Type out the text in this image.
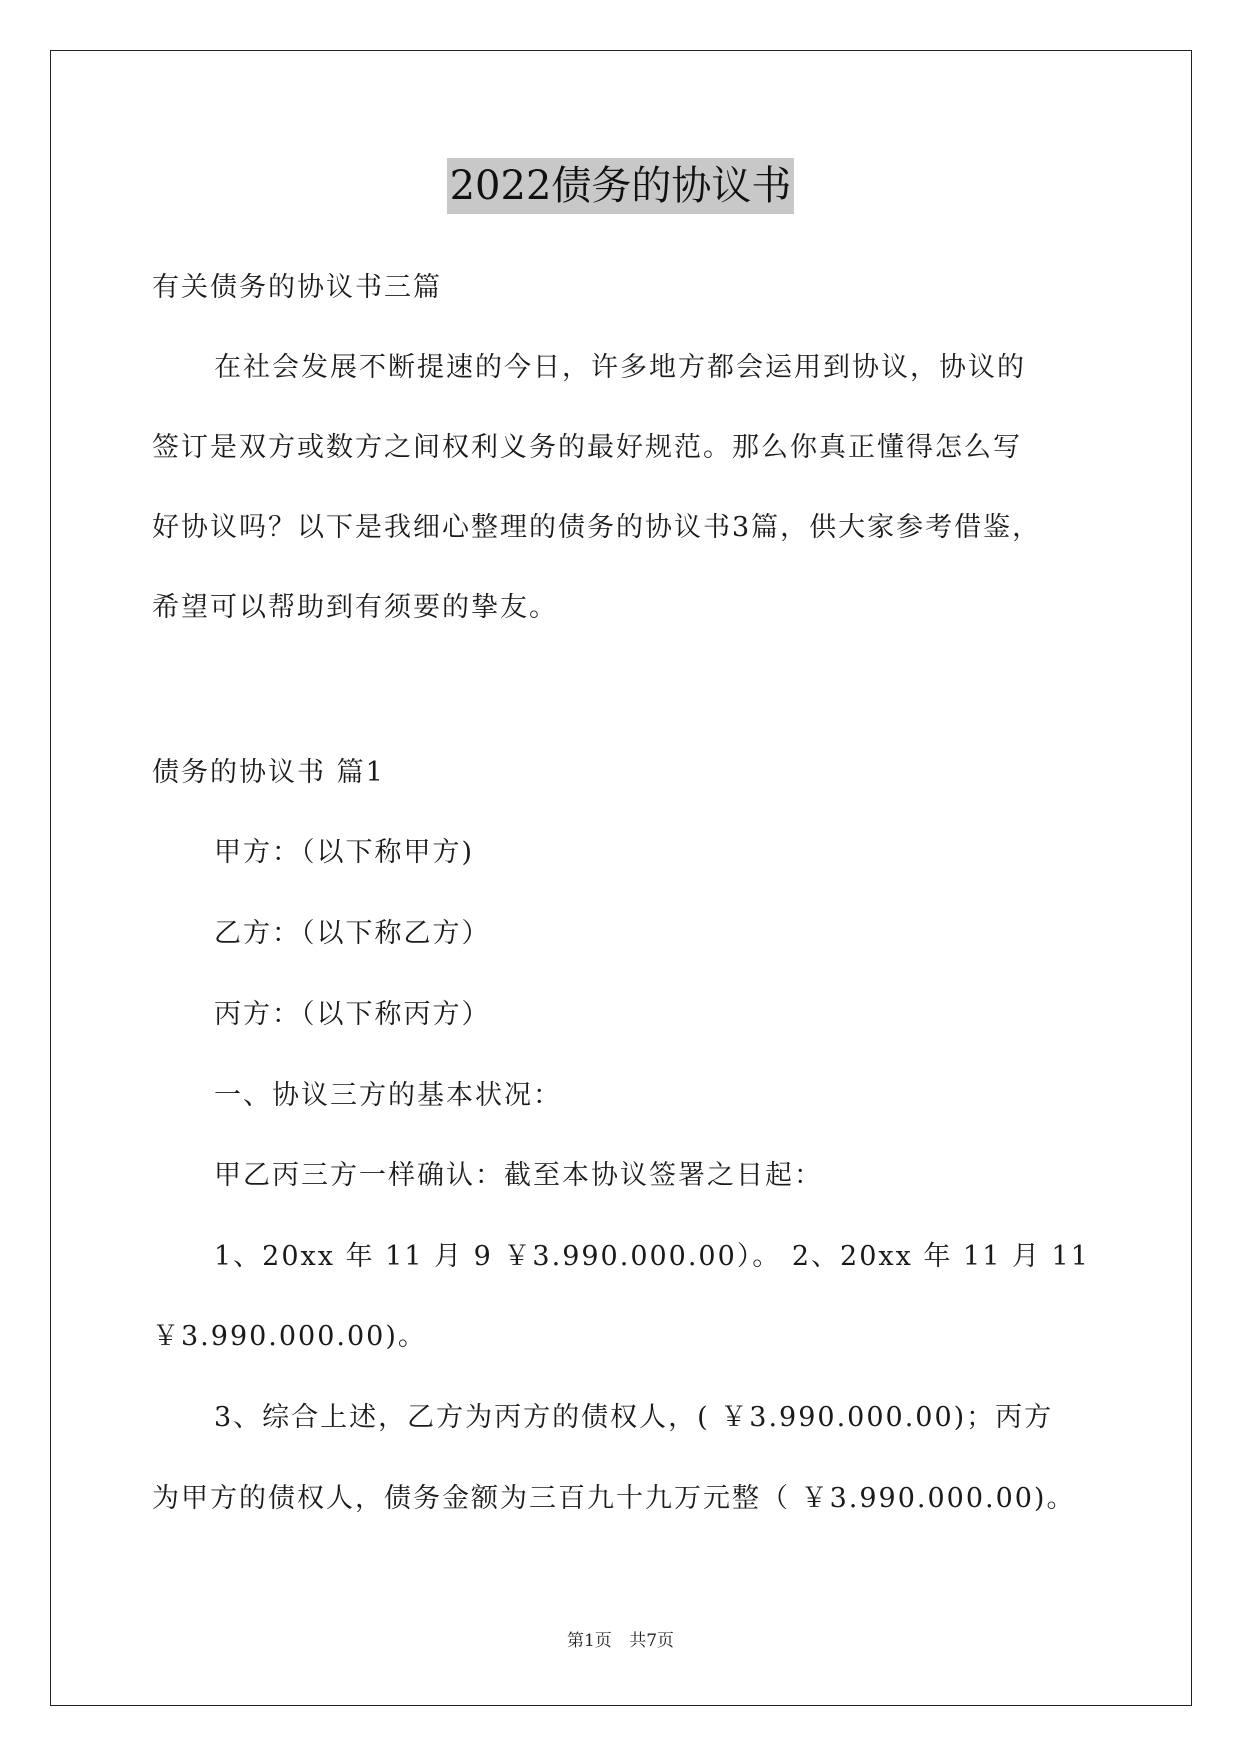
2022债务的协议书
有关债务的协议书三篇
在社会发展不断提速的今日，许多地方都会运用到协议，协议的
签订是双方或数方之间权利义务的最好规范。那么你真正懂得怎么写
好协议吗？以下是我细心整理的债务的协议书3篇，供大家参考借鉴，
希望可以帮助到有须要的挚友。
债务的协议书 篇1
甲方：（以下称甲方)
乙方：（以下称乙方）
丙方：（以下称丙方）
一、协议三方的基本状况：
甲乙丙三方一样确认：截至本协议签署之日起：
1、20xx 年 11 月 9 ￥3.990.000.00）。 2、20xx 年 11 月 11
￥3.990.000.00)。
3、综合上述，乙方为丙方的债权人，( ￥3.990.000.00)；丙方
为甲方的债权人，债务金额为三百九十九万元整（ ￥3.990.000.00)。
第1页 共7页
